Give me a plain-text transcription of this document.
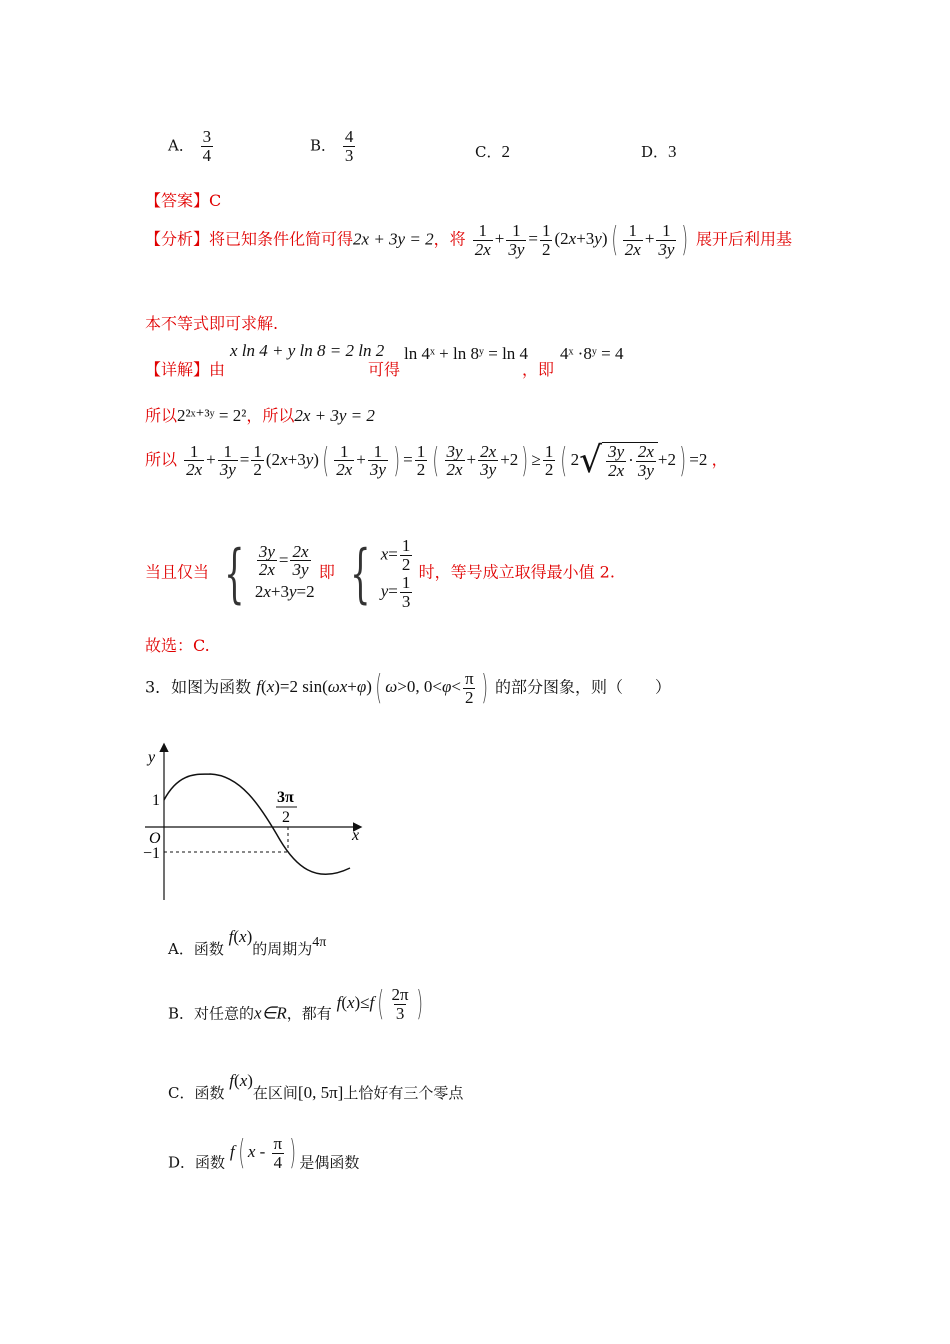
A． $\frac{3}{4}$	B． $\frac{4}{3}$	C．2	D．3
【答案】C
【分析】将已知条件化简可得2x + 3y = 2，将 $\frac{1}{2x} + \frac{1}{3y} = \frac{1}{2} (2x+3y)( \frac{1}{2x} + \frac{1}{3y}$ ) 展开后利用基
本不等式即可求解.
【详解】由
x ln 4 + y ln 8 = 2 ln 2
可得
ln 4ˣ + ln 8ʸ = ln 4
，即
4ˣ ·8ʸ = 4
所以2²ˣ⁺³ʸ = 2²，所以2x + 3y = 2
所以 $\frac{1}{2x} + \frac{1}{3y} = \frac{1}{2} (2x+3y)( \frac{1}{2x} + \frac{1}{3y}$ ) = $\frac{1}{2}$ ( $\frac{3y}{2x} + \frac{2x}{3y} +2) \ge \frac{1}{2}$ ( $2√ \frac{3y}{2x} \cdot \frac{2x}{3y} +2) =2$ ，
当且仅当 { $\frac{3y}{2x} = \frac{2x}{3y}$
2x+3y=2
即 { $x= \frac{1}{2}$
$y= \frac{1}{3}$
时，等号成立取得最小值 2.
故选：C.
3．如图为函数 f(x)=2 sin(ωx+φ)( ω>0, $0<\varphi< \frac{\pi}{2}$ ) 的部分图象，则（　　）
y
x
O
1
−1
3π
2
A．函数 f(x)的周期为4π
B．对任意的x∈R，都有 $f(x)\le f( \frac{2\pi}{3}$ )
C．函数 f(x)在区间[0, 5π]上恰好有三个零点
D．函数 f( x - $\frac{\pi}{4}$ ) 是偶函数
